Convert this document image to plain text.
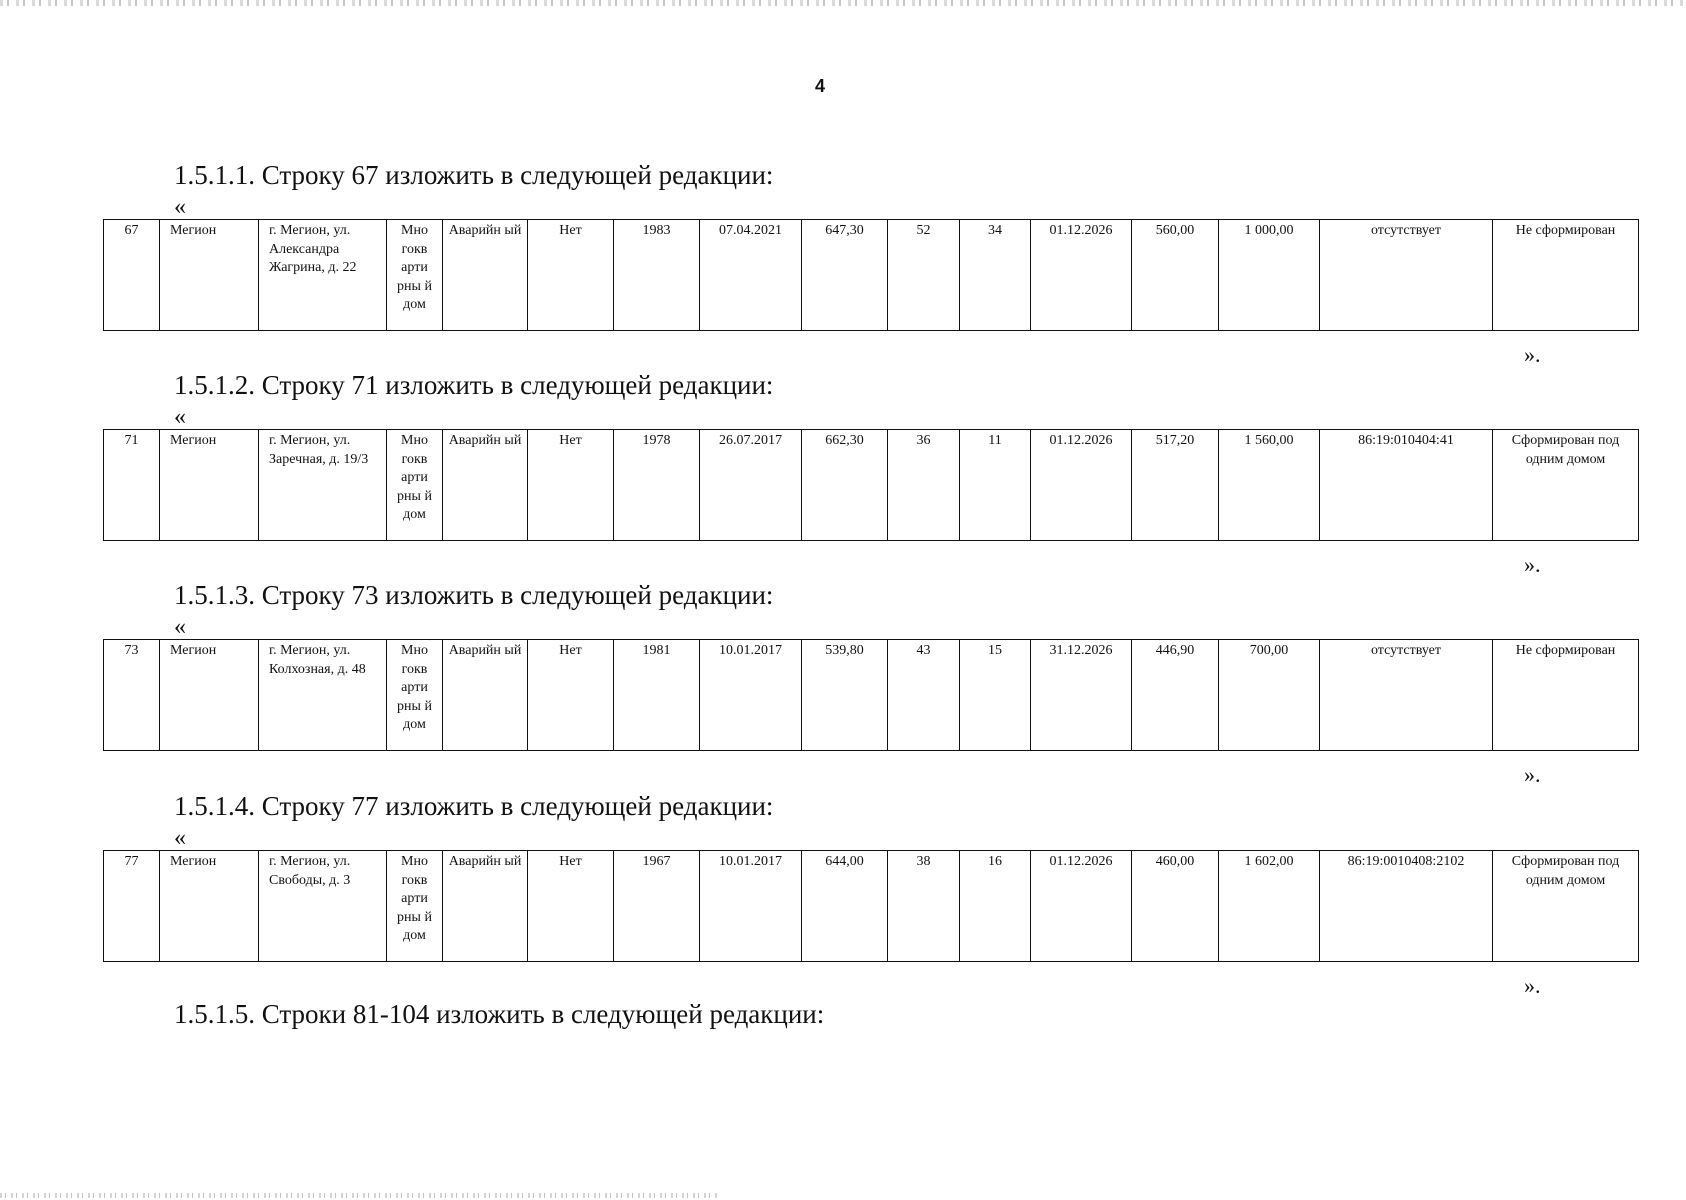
4
1.5.1.1. Строку 67 изложить в следующей редакции:
«
67	Мегион	г. Мегион, ул. Александра Жагрина, д. 22	Мно гокв арти рны й дом	Аварийн ый	Нет	1983	07.04.2021	647,30	52	34	01.12.2026	560,00	1 000,00	отсутствует	Не сформирован
».
1.5.1.2. Строку 71 изложить в следующей редакции:
«
71	Мегион	г. Мегион, ул. Заречная, д. 19/3	Мно гокв арти рны й дом	Аварийн ый	Нет	1978	26.07.2017	662,30	36	11	01.12.2026	517,20	1 560,00	86:19:010404:41	Сформирован под одним домом
».
1.5.1.3. Строку 73 изложить в следующей редакции:
«
73	Мегион	г. Мегион, ул. Колхозная, д. 48	Мно гокв арти рны й дом	Аварийн ый	Нет	1981	10.01.2017	539,80	43	15	31.12.2026	446,90	700,00	отсутствует	Не сформирован
».
1.5.1.4. Строку 77 изложить в следующей редакции:
«
77	Мегион	г. Мегион, ул. Свободы, д. 3	Мно гокв арти рны й дом	Аварийн ый	Нет	1967	10.01.2017	644,00	38	16	01.12.2026	460,00	1 602,00	86:19:0010408:2102	Сформирован под одним домом
».
1.5.1.5. Строки 81-104 изложить в следующей редакции:
